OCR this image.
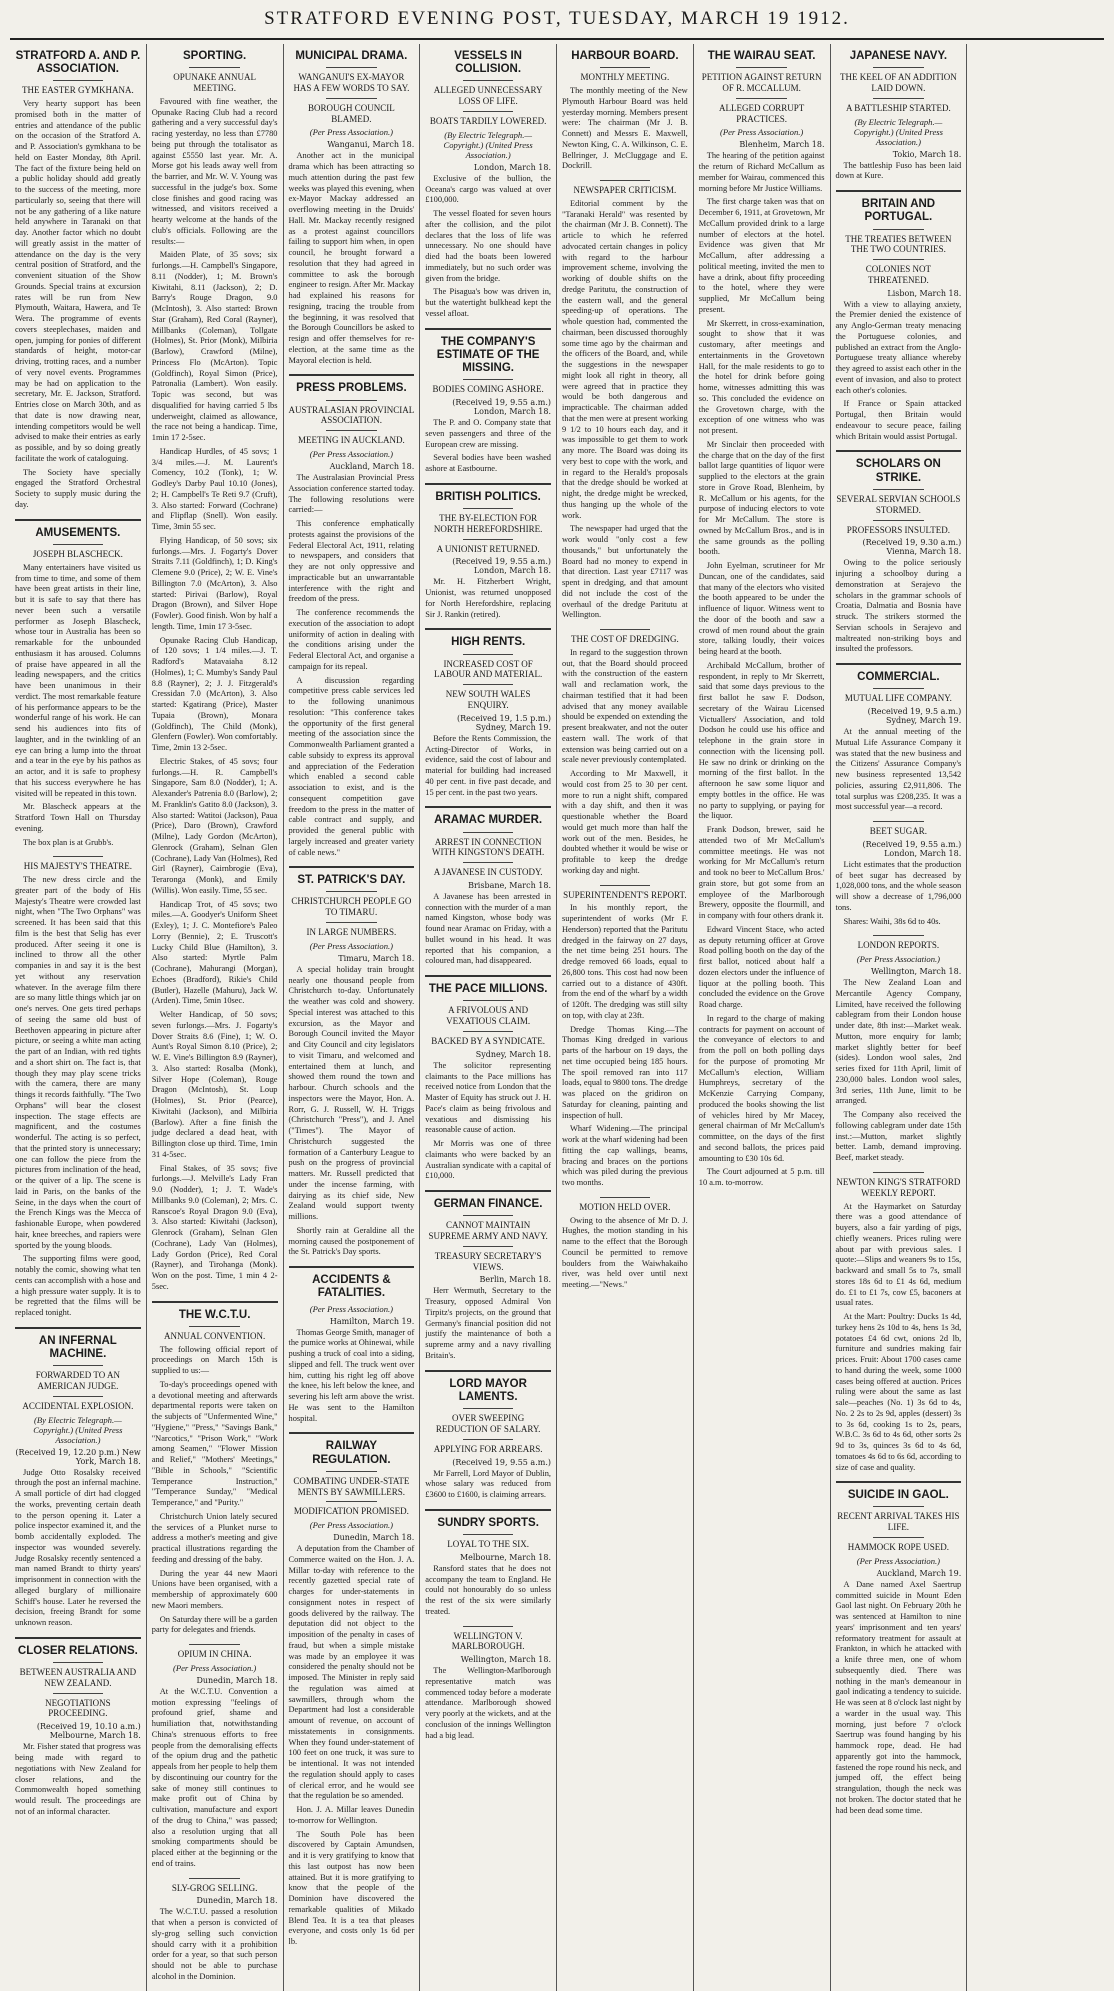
STRATFORD EVENING POST, TUESDAY, MARCH 19 1912.
STRATFORD A. AND P. ASSOCIATION.
THE EASTER GYMKHANA.

Very hearty support has been promised both in the matter of entries and attendance of the public on the occasion of the Stratford A. and P. Association's gymkhana to be held on Easter Monday, 8th April. The fact of the fixture being held on a public holiday should add greatly to the success of the meeting, more particularly so, seeing that there will not be any gathering of a like nature held anywhere in Taranaki on that day. Another factor which no doubt will greatly assist in the matter of attendance on the day is the very central position of Stratford, and the convenient situation of the Show Grounds. Special trains at excursion rates will be run from New Plymouth, Waitara, Hawera, and Te Wera. The programme of events covers steeplechases, maiden and open, jumping for ponies of different standards of height, motor-car driving, trotting races, and a number of very novel events. Programmes may be had on application to the secretary, Mr. E. Jackson, Stratford. Entries close on March 30th, and as that date is now drawing near, intending competitors would be well advised to make their entries as early as possible, and by so doing greatly facilitate the work of cataloguing.

The Society have specially engaged the Stratford Orchestral Society to supply music during the day.

AMUSEMENTS.
JOSEPH BLASCHECK.

Many entertainers have visited us from time to time, and some of them have been great artists in their line, but it is safe to say that there has never been such a versatile performer as Joseph Blascheck, whose tour in Australia has been so remarkable for the unbounded enthusiasm it has aroused. Columns of praise have appeared in all the leading newspapers, and the critics have been unanimous in their verdict. The most remarkable feature of his performance appears to be the wonderful range of his work. He can send his audiences into fits of laughter, and in the twinkling of an eye can bring a lump into the throat and a tear in the eye by his pathos as an actor, and it is safe to prophesy that his success everywhere he has visited will be repeated in this town.

Mr. Blascheck appears at the Stratford Town Hall on Thursday evening.

The box plan is at Grubb's.

HIS MAJESTY'S THEATRE.

The new dress circle and the greater part of the body of His Majesty's Theatre were crowded last night, when "The Two Orphans" was screened. It has been said that this film is the best that Selig has ever produced. After seeing it one is inclined to throw all the other companies in and say it is the best yet without any reservation whatever. In the average film there are so many little things which jar on one's nerves. One gets tired perhaps of seeing the same old bust of Beethoven appearing in picture after picture, or seeing a white man acting the part of an Indian, with red tights and a short shirt on. The fact is, that though they may play scene tricks with the camera, there are many things it records faithfully. "The Two Orphans" will bear the closest inspection. The stage effects are magnificent, and the costumes wonderful. The acting is so perfect, that the printed story is unnecessary; one can follow the piece from the pictures from inclination of the head, or the quiver of a lip. The scene is laid in Paris, on the banks of the Seine, in the days when the court of the French Kings was the Mecca of fashionable Europe, when powdered hair, knee breeches, and rapiers were sported by the young bloods.

The supporting films were good, notably the comic, showing what ten cents can accomplish with a hose and a high pressure water supply. It is to be regretted that the films will be replaced tonight.

AN INFERNAL MACHINE.
FORWARDED TO AN AMERICAN JUDGE.
ACCIDENTAL EXPLOSION.
(By Electric Telegraph.—Copyright.) (United Press Association.)
(Received 19, 12.20 p.m.) New York, March 18.

Judge Otto Rosalsky received through the post an infernal machine. A small porticle of dirt had clogged the works, preventing certain death to the person opening it. Later a police inspector examined it, and the bomb accidentally exploded. The inspector was wounded severely. Judge Rosalsky recently sentenced a man named Brandt to thirty years' imprisonment in connection with the alleged burglary of millionaire Schiff's house. Later he reversed the decision, freeing Brandt for some unknown reason.

CLOSER RELATIONS.
BETWEEN AUSTRALIA AND NEW ZEALAND.
NEGOTIATIONS PROCEEDING.
(Received 19, 10.10 a.m.) Melbourne, March 18.

Mr. Fisher stated that progress was being made with regard to negotiations with New Zealand for closer relations, and the Commonwealth hoped something would result. The proceedings are not of an informal character.

SPORTING.
OPUNAKE ANNUAL MEETING.

Favoured with fine weather, the Opunake Racing Club had a record gathering and a very successful day's racing yesterday, no less than £7780 being put through the totalisator as against £5550 last year. Mr. A. Morse got his leads away well from the barrier, and Mr. W. V. Young was successful in the judge's box. Some close finishes and good racing was witnessed, and visitors received a hearty welcome at the hands of the club's officials. Following are the results:—

Maiden Plate, of 35 sovs; six furlongs.—H. Campbell's Singapore, 8.11 (Nodder), 1; M. Brown's Kiwitahi, 8.11 (Jackson), 2; D. Barry's Rouge Dragon, 9.0 (McIntosh), 3. Also started: Brown Star (Graham), Red Coral (Rayner), Millbanks (Coleman), Tollgate (Holmes), St. Prior (Monk), Milbiria (Barlow), Crawford (Milne), Princess Flo (McArton). Topic (Goldfinch), Royal Simon (Price), Patronalia (Lambert). Won easily. Topic was second, but was disqualified for having carried 5 lbs underweight, claimed as allowance, the race not being a handicap. Time, 1min 17 2-5sec.

Handicap Hurdles, of 45 sovs; 1 3/4 miles.—J. M. Laurent's Comency, 10.2 (Tonk), 1; W. Godley's Darby Paul 10.10 (Jones), 2; H. Campbell's Te Reti 9.7 (Cruft), 3. Also started: Forward (Cochrane) and Flipflap (Snell). Won easily. Time, 3min 55 sec.

Flying Handicap, of 50 sovs; six furlongs.—Mrs. J. Fogarty's Dover Straits 7.11 (Goldfinch), 1; D. King's Clemene 9.0 (Price), 2; W. E. Vine's Billington 7.0 (McArton), 3. Also started: Pirivai (Barlow), Royal Dragon (Brown), and Silver Hope (Fowler). Good finish. Won by half a length. Time, 1min 17 3-5sec.

Opunake Racing Club Handicap, of 120 sovs; 1 1/4 miles.—J. T. Radford's Matavaiaha 8.12 (Holmes), 1; C. Mumby's Sandy Paul 8.8 (Rayner), 2; J. J. Fitzgerald's Cressidan 7.0 (McArton), 3. Also started: Kgatirang (Price), Master Tupaia (Brown), Monara (Goldfinch), The Child (Monk), Glenfern (Fowler). Won comfortably. Time, 2min 13 2-5sec.

Electric Stakes, of 45 sovs; four furlongs.—H. R. Campbell's Singapore, Sam 8.0 (Nodder), 1; A. Alexander's Patrenia 8.0 (Barlow), 2; M. Franklin's Gatito 8.0 (Jackson), 3. Also started: Watitoi (Jackson), Paua (Price), Daro (Brown), Crawford (Milne), Lady Gordon (McArton), Glenrock (Graham), Selnan Glen (Cochrane), Lady Van (Holmes), Red Girl (Rayner), Cairnbrogie (Eva), Teraronga (Monk), and Emily (Willis). Won easily. Time, 55 sec.

Handicap Trot, of 45 sovs; two miles.—A. Goodyer's Uniform Sheet (Exley), 1; J. C. Montefiore's Paleo Lorry (Bennie), 2; E. Truscott's Lucky Child Blue (Hamilton), 3. Also started: Myrtle Palm (Cochrane), Mahurangi (Morgan), Echoes (Bradford), Rikie's Child (Butler), Hazelle (Mahuru), Jack W. (Arden). Time, 5min 10sec.

Welter Handicap, of 50 sovs; seven furlongs.—Mrs. J. Fogarty's Dover Straits 8.6 (Fine), 1; W. O. Aunt's Royal Simon 8.10 (Price), 2; W. E. Vine's Billington 8.9 (Rayner), 3. Also started: Rosalba (Monk), Silver Hope (Coleman), Rouge Dragon (McIntosh), St. Loup (Holmes), St. Prior (Pearce), Kiwitahi (Jackson), and Milbiria (Barlow). After a fine finish the judge declared a dead heat, with Billington close up third. Time, 1min 31 4-5sec.

Final Stakes, of 35 sovs; five furlongs.—J. Melville's Lady Fran 9.0 (Nodder), 1; J. T. Wade's Millbanks 9.0 (Coleman), 2; Mrs. C. Ranscoe's Royal Dragon 9.0 (Eva), 3. Also started: Kiwitahi (Jackson), Glenrock (Graham), Selnan Glen (Cochrane), Lady Van (Holmes), Lady Gordon (Price), Red Coral (Rayner), and Tirohanga (Monk). Won on the post. Time, 1 min 4 2-5sec.

THE W.C.T.U.
ANNUAL CONVENTION.

The following official report of proceedings on March 15th is supplied to us:—

To-day's proceedings opened with a devotional meeting and afterwards departmental reports were taken on the subjects of "Unfermented Wine," "Hygiene," "Press," "Savings Bank," "Narcotics," "Prison Work," "Work among Seamen," "Flower Mission and Relief," "Mothers' Meetings," "Bible in Schools," "Scientific Temperance Instruction," "Temperance Sunday," "Medical Temperance," and "Purity."

Christchurch Union lately secured the services of a Plunket nurse to address a mother's meeting and give practical illustrations regarding the feeding and dressing of the baby.

During the year 44 new Maori Unions have been organised, with a membership of approximately 600 new Maori members.

On Saturday there will be a garden party for delegates and friends.

OPIUM IN CHINA.
(Per Press Association.)
Dunedin, March 18.

At the W.C.T.U. Convention a motion expressing "feelings of profound grief, shame and humiliation that, notwithstanding China's strenuous efforts to free people from the demoralising effects of the opium drug and the pathetic appeals from her people to help them by discontinuing our country for the sake of money still continues to make profit out of China by cultivation, manufacture and export of the drug to China," was passed; also a resolution urging that all smoking compartments should be placed either at the beginning or the end of trains.

SLY-GROG SELLING.
Dunedin, March 18.

The W.C.T.U. passed a resolution that when a person is convicted of sly-grog selling such conviction should carry with it a prohibition order for a year, so that such person should not be able to purchase alcohol in the Dominion.

MUNICIPAL DRAMA.
WANGANUI'S EX-MAYOR HAS A FEW WORDS TO SAY.
BOROUGH COUNCIL BLAMED.
(Per Press Association.)
Wanganui, March 18.

Another act in the municipal drama which has been attracting so much attention during the past few weeks was played this evening, when ex-Mayor Mackay addressed an overflowing meeting in the Druids' Hall. Mr. Mackay recently resigned as a protest against councillors failing to support him when, in open council, he brought forward a resolution that they had agreed in committee to ask the borough engineer to resign. After Mr. Mackay had explained his reasons for resigning, tracing the trouble from the beginning, it was resolved that the Borough Councillors be asked to resign and offer themselves for re-election, at the same time as the Mayoral election is held.

PRESS PROBLEMS.
AUSTRALASIAN PROVINCIAL ASSOCIATION.
MEETING IN AUCKLAND.
(Per Press Association.)
Auckland, March 18.

The Australasian Provincial Press Association conference started today. The following resolutions were carried:—

This conference emphatically protests against the provisions of the Federal Electoral Act, 1911, relating to newspapers, and considers that they are not only oppressive and impracticable but an unwarrantable interference with the right and freedom of the press.

The conference recommends the execution of the association to adopt uniformity of action in dealing with the conditions arising under the Federal Electoral Act, and organise a campaign for its repeal.

A discussion regarding competitive press cable services led to the following unanimous resolution: "This conference takes the opportunity of the first general meeting of the association since the Commonwealth Parliament granted a cable subsidy to express its approval and appreciation of the Federation which enabled a second cable association to exist, and is the consequent competition gave freedom to the press in the matter of cable contract and supply, and provided the general public with largely increased and greater variety of cable news."

ST. PATRICK'S DAY.
CHRISTCHURCH PEOPLE GO TO TIMARU.
IN LARGE NUMBERS.
(Per Press Association.)
Timaru, March 18.

A special holiday train brought nearly one thousand people from Christchurch to-day. Unfortunately the weather was cold and showery. Special interest was attached to this excursion, as the Mayor and Borough Council invited the Mayor and City Council and city legislators to visit Timaru, and welcomed and entertained them at lunch, and showed them round the town and harbour. Church schools and the inspectors were the Mayor, Hon. A. Rorr, G. J. Russell, W. H. Triggs (Christchurch "Press"), and J. Anel ("Times"). The Mayor of Christchurch suggested the formation of a Canterbury League to push on the progress of provincial matters. Mr. Russell predicted that under the incense farming, with dairying as its chief side, New Zealand would support twenty millions.

Shortly rain at Geraldine all the morning caused the postponement of the St. Patrick's Day sports.

ACCIDENTS & FATALITIES.
(Per Press Association.)
Hamilton, March 19.

Thomas George Smith, manager of the pumice works at Ohinewai, while pushing a truck of coal into a siding, slipped and fell. The truck went over him, cutting his right leg off above the knee, his left below the knee, and severing his left arm above the wrist. He was sent to the Hamilton hospital.

RAILWAY REGULATION.
COMBATING UNDER-STATE MENTS BY SAWMILLERS.
MODIFICATION PROMISED.
(Per Press Association.)
Dunedin, March 18.

A deputation from the Chamber of Commerce waited on the Hon. J. A. Millar to-day with reference to the recently gazetted special rate of charges for under-statements in consignment notes in respect of goods delivered by the railway. The deputation did not object to the imposition of the penalty in cases of fraud, but when a simple mistake was made by an employee it was considered the penalty should not be imposed. The Minister in reply said the regulation was aimed at sawmillers, through whom the Department had lost a considerable amount of revenue, on account of misstatements in consignments. When they found under-statement of 100 feet on one truck, it was sure to be intentional. It was not intended the regulation should apply to cases of clerical error, and he would see that the regulation be so amended.

Hon. J. A. Millar leaves Dunedin to-morrow for Wellington.

The South Pole has been discovered by Captain Amundsen, and it is very gratifying to know that this last outpost has now been attained. But it is more gratifying to know that the people of the Dominion have discovered the remarkable qualities of Mikado Blend Tea. It is a tea that pleases everyone, and costs only 1s 6d per lb.

VESSELS IN COLLISION.
ALLEGED UNNECESSARY LOSS OF LIFE.
BOATS TARDILY LOWERED.
(By Electric Telegraph.—Copyright.) (United Press Association.)
London, March 18.

Exclusive of the bullion, the Oceana's cargo was valued at over £100,000.

The vessel floated for seven hours after the collision, and the pilot declares that the loss of life was unnecessary. No one should have died had the boats been lowered immediately, but no such order was given from the bridge.

The Pisagua's bow was driven in, but the watertight bulkhead kept the vessel afloat.

THE COMPANY'S ESTIMATE OF THE MISSING.
BODIES COMING ASHORE.
(Received 19, 9.55 a.m.) London, March 18.

The P. and O. Company state that seven passengers and three of the European crew are missing.

Several bodies have been washed ashore at Eastbourne.

BRITISH POLITICS.
THE BY-ELECTION FOR NORTH HEREFORDSHIRE.
A UNIONIST RETURNED.
(Received 19, 9.55 a.m.) London, March 18.

Mr. H. Fitzherbert Wright, Unionist, was returned unopposed for North Herefordshire, replacing Sir J. Rankin (retired).

HIGH RENTS.
INCREASED COST OF LABOUR AND MATERIAL.
NEW SOUTH WALES ENQUIRY.
(Received 19, 1.5 p.m.) Sydney, March 19.

Before the Rents Commission, the Acting-Director of Works, in evidence, said the cost of labour and material for building had increased 40 per cent. in five past decade, and 15 per cent. in the past two years.

ARAMAC MURDER.
ARREST IN CONNECTION WITH KINGSTON'S DEATH.
A JAVANESE IN CUSTODY.
Brisbane, March 18.

A Javanese has been arrested in connection with the murder of a man named Kingston, whose body was found near Aramac on Friday, with a bullet wound in his head. It was reported that his companion, a coloured man, had disappeared.

THE PACE MILLIONS.
A FRIVOLOUS AND VEXATIOUS CLAIM.
BACKED BY A SYNDICATE.
Sydney, March 18.

The solicitor representing claimants to the Pace millions has received notice from London that the Master of Equity has struck out J. H. Pace's claim as being frivolous and vexatious and dismissing his reasonable cause of action.

Mr Morris was one of three claimants who were backed by an Australian syndicate with a capital of £10,000.

GERMAN FINANCE.
CANNOT MAINTAIN SUPREME ARMY AND NAVY.
TREASURY SECRETARY'S VIEWS.
Berlin, March 18.

Herr Wermuth, Secretary to the Treasury, opposed Admiral Von Tirpitz's projects, on the ground that Germany's financial position did not justify the maintenance of both a supreme army and a navy rivalling Britain's.

LORD MAYOR LAMENTS.
OVER SWEEPING REDUCTION OF SALARY.
APPLYING FOR ARREARS.
(Received 19, 9.55 a.m.)

Mr Farrell, Lord Mayor of Dublin, whose salary was reduced from £3600 to £1600, is claiming arrears.

SUNDRY SPORTS.
LOYAL TO THE SIX.
Melbourne, March 18.

Ransford states that he does not accompany the team to England. He could not honourably do so unless the rest of the six were similarly treated.

WELLINGTON V. MARLBOROUGH.
Wellington, March 18.

The Wellington-Marlborough representative match was commenced today before a moderate attendance. Marlborough showed very poorly at the wickets, and at the conclusion of the innings Wellington had a big lead.

HARBOUR BOARD.
MONTHLY MEETING.

The monthly meeting of the New Plymouth Harbour Board was held yesterday morning. Members present were: The chairman (Mr J. B. Connett) and Messrs E. Maxwell, Newton King, C. A. Wilkinson, C. E. Bellringer, J. McCluggage and E. Dockrill.

NEWSPAPER CRITICISM.

Editorial comment by the "Taranaki Herald" was resented by the chairman (Mr J. B. Connett). The article to which he referred advocated certain changes in policy with regard to the harbour improvement scheme, involving the working of double shifts on the dredge Paritutu, the construction of the eastern wall, and the general speeding-up of operations. The whole question had, commented the chairman, been discussed thoroughly some time ago by the chairman and the officers of the Board, and, while the suggestions in the newspaper might look all right in theory, all were agreed that in practice they would be both dangerous and impracticable. The chairman added that the men were at present working 9 1/2 to 10 hours each day, and it was impossible to get them to work any more. The Board was doing its very best to cope with the work, and in regard to the Herald's proposals that the dredge should be worked at night, the dredge might be wrecked, thus hanging up the whole of the work.

The newspaper had urged that the work would "only cost a few thousands," but unfortunately the Board had no money to expend in that direction. Last year £7117 was spent in dredging, and that amount did not include the cost of the overhaul of the dredge Paritutu at Wellington.

THE COST OF DREDGING.

In regard to the suggestion thrown out, that the Board should proceed with the construction of the eastern wall and reclamation work, the chairman testified that it had been advised that any money available should be expended on extending the present breakwater, and not the outer eastern wall. The work of that extension was being carried out on a scale never previously contemplated.

According to Mr Maxwell, it would cost from 25 to 30 per cent. more to run a night shift, compared with a day shift, and then it was questionable whether the Board would get much more than half the work out of the men. Besides, he doubted whether it would be wise or profitable to keep the dredge working day and night.

SUPERINTENDENT'S REPORT.

In his monthly report, the superintendent of works (Mr F. Henderson) reported that the Paritutu dredged in the fairway on 27 days, the net time being 251 hours. The dredge removed 66 loads, equal to 26,800 tons. This cost had now been carried out to a distance of 430ft. from the end of the wharf by a width of 120ft. The dredging was still silty on top, with clay at 23ft.

Dredge Thomas King.—The Thomas King dredged in various parts of the harbour on 19 days, the net time occupied being 185 hours. The spoil removed ran into 117 loads, equal to 9800 tons. The dredge was placed on the gridiron on Saturday for cleaning, painting and inspection of hull.

Wharf Widening.—The principal work at the wharf widening had been fitting the cap wallings, beams, bracing and braces on the portions which was piled during the previous two months.

MOTION HELD OVER.

Owing to the absence of Mr D. J. Hughes, the motion standing in his name to the effect that the Borough Council be permitted to remove boulders from the Waiwhakaiho river, was held over until next meeting.—"News."

THE WAIRAU SEAT.
PETITION AGAINST RETURN OF R. MCCALLUM.
ALLEGED CORRUPT PRACTICES.
(Per Press Association.)
Blenheim, March 18.

The hearing of the petition against the return of Richard McCallum as member for Wairau, commenced this morning before Mr Justice Williams.

The first charge taken was that on December 6, 1911, at Grovetown, Mr McCallum provided drink to a large number of electors at the hotel. Evidence was given that Mr McCallum, after addressing a political meeting, invited the men to have a drink, about fifty proceeding to the hotel, where they were supplied, Mr McCallum being present.

Mr Skerrett, in cross-examination, sought to show that it was customary, after meetings and entertainments in the Grovetown Hall, for the male residents to go to the hotel for drink before going home, witnesses admitting this was so. This concluded the evidence on the Grovetown charge, with the exception of one witness who was not present.

Mr Sinclair then proceeded with the charge that on the day of the first ballot large quantities of liquor were supplied to the electors at the grain store in Grove Road, Blenheim, by R. McCallum or his agents, for the purpose of inducing electors to vote for Mr McCallum. The store is owned by McCallum Bros., and is in the same grounds as the polling booth.

John Eyelman, scrutineer for Mr Duncan, one of the candidates, said that many of the electors who visited the booth appeared to be under the influence of liquor. Witness went to the door of the booth and saw a crowd of men round about the grain store, talking loudly, their voices being heard at the booth.

Archibald McCallum, brother of respondent, in reply to Mr Skerrett, said that some days previous to the first ballot he saw F. Dodson, secretary of the Wairau Licensed Victuallers' Association, and told Dodson he could use his office and telephone in the grain store in connection with the licensing poll. He saw no drink or drinking on the morning of the first ballot. In the afternoon he saw some liquor and empty bottles in the office. He was no party to supplying, or paying for the liquor.

Frank Dodson, brewer, said he attended two of Mr McCallum's committee meetings. He was not working for Mr McCallum's return and took no beer to McCallum Bros.' grain store, but got some from an employee of the Marlborough Brewery, opposite the flourmill, and in company with four others drank it.

Edward Vincent Stace, who acted as deputy returning officer at Grove Road polling booth on the day of the first ballot, noticed about half a dozen electors under the influence of liquor at the polling booth. This concluded the evidence on the Grove Road charge.

In regard to the charge of making contracts for payment on account of the conveyance of electors to and from the poll on both polling days for the purpose of promoting Mr McCallum's election, William Humphreys, secretary of the McKenzie Carrying Company, produced the books showing the list of vehicles hired by Mr Macey, general chairman of Mr McCallum's committee, on the days of the first and second ballots, the prices paid amounting to £30 10s 6d.

The Court adjourned at 5 p.m. till 10 a.m. to-morrow.

JAPANESE NAVY.
THE KEEL OF AN ADDITION LAID DOWN.
A BATTLESHIP STARTED.
(By Electric Telegraph.—Copyright.) (United Press Association.)
Tokio, March 18.

The battleship Fuso has been laid down at Kure.

BRITAIN AND PORTUGAL.
THE TREATIES BETWEEN THE TWO COUNTRIES.
COLONIES NOT THREATENED.
Lisbon, March 18.

With a view to allaying anxiety, the Premier denied the existence of any Anglo-German treaty menacing the Portuguese colonies, and published an extract from the Anglo-Portuguese treaty alliance whereby they agreed to assist each other in the event of invasion, and also to protect each other's colonies.

If France or Spain attacked Portugal, then Britain would endeavour to secure peace, failing which Britain would assist Portugal.

SCHOLARS ON STRIKE.
SEVERAL SERVIAN SCHOOLS STORMED.
PROFESSORS INSULTED.
(Received 19, 9.30 a.m.) Vienna, March 18.

Owing to the police seriously injuring a schoolboy during a demonstration at Serajevo the scholars in the grammar schools of Croatia, Dalmatia and Bosnia have struck. The strikers stormed the Servian schools in Serajevo and maltreated non-striking boys and insulted the professors.

COMMERCIAL.
MUTUAL LIFE COMPANY.
(Received 19, 9.5 a.m.) Sydney, March 19.

At the annual meeting of the Mutual Life Assurance Company it was stated that the new business and the Citizens' Assurance Company's new business represented 13,542 policies, assuring £2,911,806. The total surplus was £208,235. It was a most successful year—a record.

BEET SUGAR.
(Received 19, 9.55 a.m.) London, March 18.

Licht estimates that the production of beet sugar has decreased by 1,028,000 tons, and the whole season will show a decrease of 1,796,000 tons.

Shares: Waihi, 38s 6d to 40s.

LONDON REPORTS.
(Per Press Association.)
Wellington, March 18.

The New Zealand Loan and Mercantile Agency Company, Limited, have received the following cablegram from their London house under date, 8th inst:—Market weak. Mutton, more enquiry for lamb; market slightly better for beef (sides). London wool sales, 2nd series fixed for 11th April, limit of 230,000 bales. London wool sales, 3rd series, 11th June, limit to be arranged.

The Company also received the following cablegram under date 15th inst.:—Mutton, market slightly better. Lamb, demand improving. Beef, market steady.

NEWTON KING'S STRATFORD WEEKLY REPORT.

At the Haymarket on Saturday there was a good attendance of buyers, also a fair yarding of pigs, chiefly weaners. Prices ruling were about par with previous sales. I quote:—Slips and weaners 9s to 15s, backward and small 5s to 7s, small stores 18s 6d to £1 4s 6d, medium do. £1 to £1 7s, cow £5, baconers at usual rates.

At the Mart: Poultry: Ducks 1s 4d, turkey hens 2s 10d to 4s, hens 1s 3d, potatoes £4 6d cwt, onions 2d lb, furniture and sundries making fair prices. Fruit: About 1700 cases came to hand during the week, some 1000 cases being offered at auction. Prices ruling were about the same as last sale—peaches (No. 1) 3s 6d to 4s, No. 2 2s to 2s 9d, apples (dessert) 3s to 3s 6d, cooking 1s to 2s, pears, W.B.C. 3s 6d to 4s 6d, other sorts 2s 9d to 3s, quinces 3s 6d to 4s 6d, tomatoes 4s 6d to 6s 6d, according to size of case and quality.

SUICIDE IN GAOL.
RECENT ARRIVAL TAKES HIS LIFE.
HAMMOCK ROPE USED.
(Per Press Association.)
Auckland, March 19.

A Dane named Axel Saertrup committed suicide in Mount Eden Gaol last night. On February 20th he was sentenced at Hamilton to nine years' imprisonment and ten years' reformatory treatment for assault at Frankton, in which he attacked with a knife three men, one of whom subsequently died. There was nothing in the man's demeanour in gaol indicating a tendency to suicide. He was seen at 8 o'clock last night by a warder in the usual way. This morning, just before 7 o'clock Saertrup was found hanging by his hammock rope, dead. He had apparently got into the hammock, fastened the rope round his neck, and jumped off, the effect being strangulation, though the neck was not broken. The doctor stated that he had been dead some time.
